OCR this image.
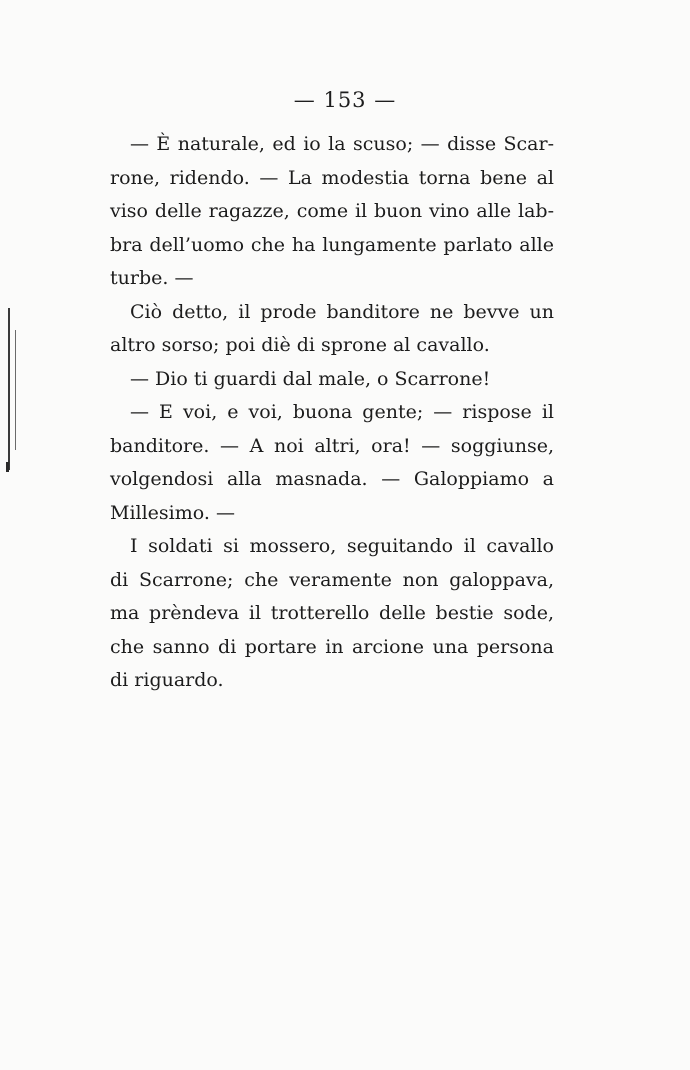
— 153 —
— È naturale, ed io la scuso; — disse Scar-
rone, ridendo. — La modestia torna bene al
viso delle ragazze, come il buon vino alle lab-
bra dell’uomo che ha lungamente parlato alle
turbe. —
Ciò detto, il prode banditore ne bevve un
altro sorso; poi diè di sprone al cavallo.
— Dio ti guardi dal male, o Scarrone!
— E voi, e voi, buona gente; — rispose il
banditore. — A noi altri, ora! — soggiunse,
volgendosi alla masnada. — Galoppiamo a
Millesimo. —
I soldati si mossero, seguitando il cavallo
di Scarrone; che veramente non galoppava,
ma prèndeva il trotterello delle bestie sode,
che sanno di portare in arcione una persona
di riguardo.
